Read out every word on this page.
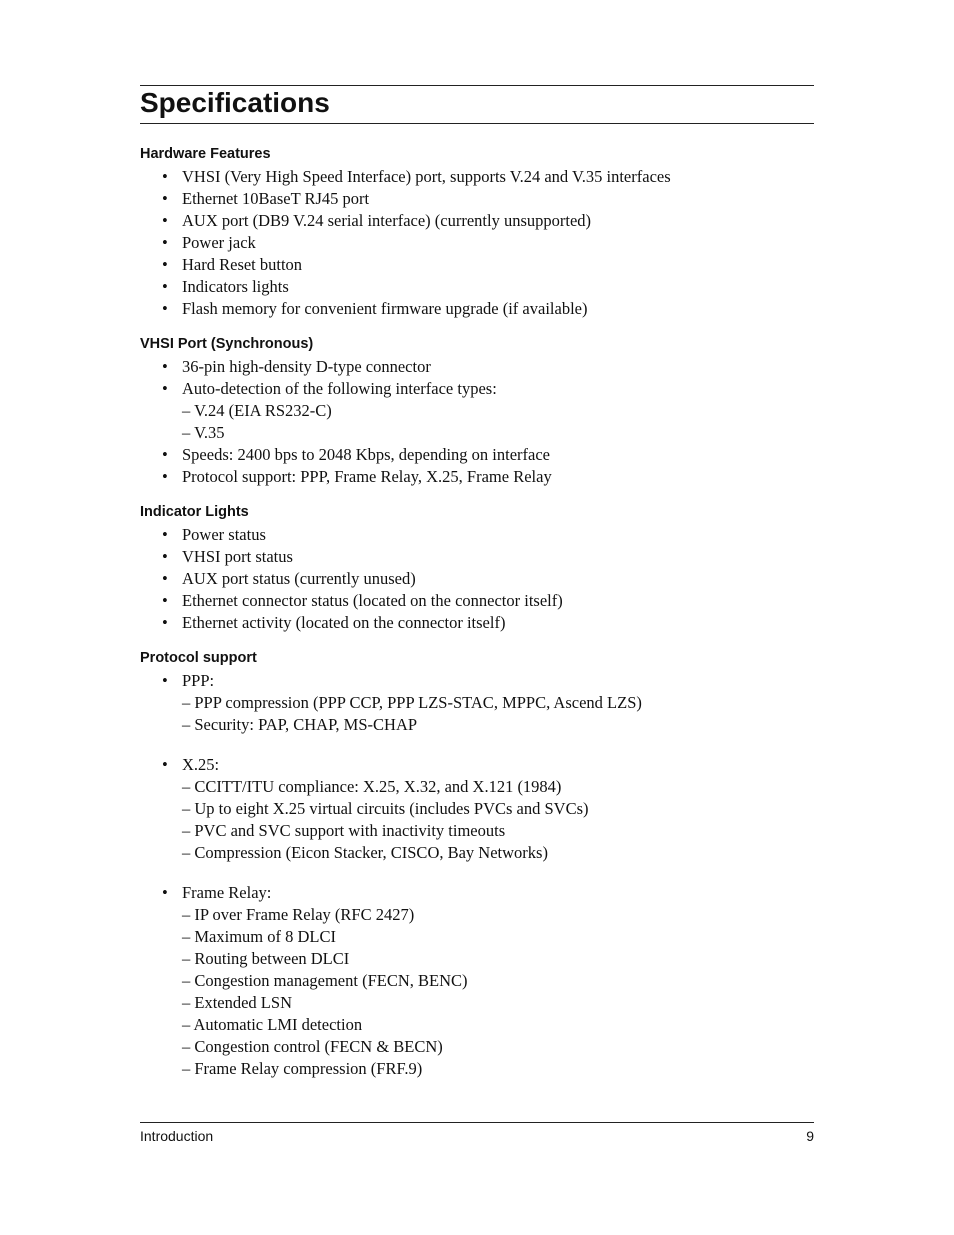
Specifications
Hardware Features
• VHSI (Very High Speed Interface) port, supports V.24 and V.35 interfaces
• Ethernet 10BaseT RJ45 port
• AUX port (DB9 V.24 serial interface) (currently unsupported)
• Power jack
• Hard Reset button
• Indicators lights
• Flash memory for convenient firmware upgrade (if available)
VHSI Port (Synchronous)
• 36-pin high-density D-type connector
• Auto-detection of the following interface types:
– V.24 (EIA RS232-C)
– V.35
• Speeds: 2400 bps to 2048 Kbps, depending on interface
• Protocol support: PPP, Frame Relay, X.25, Frame Relay
Indicator Lights
• Power status
• VHSI port status
• AUX port status (currently unused)
• Ethernet connector status (located on the connector itself)
• Ethernet activity (located on the connector itself)
Protocol support
• PPP:
– PPP compression (PPP CCP, PPP LZS-STAC, MPPC, Ascend LZS)
– Security: PAP, CHAP, MS-CHAP
• X.25:
– CCITT/ITU compliance: X.25, X.32, and X.121 (1984)
– Up to eight X.25 virtual circuits (includes PVCs and SVCs)
– PVC and SVC support with inactivity timeouts
– Compression (Eicon Stacker, CISCO, Bay Networks)
• Frame Relay:
– IP over Frame Relay (RFC 2427)
– Maximum of 8 DLCI
– Routing between DLCI
– Congestion management (FECN, BENC)
– Extended LSN
– Automatic LMI detection
– Congestion control (FECN & BECN)
– Frame Relay compression (FRF.9)
Introduction	9
